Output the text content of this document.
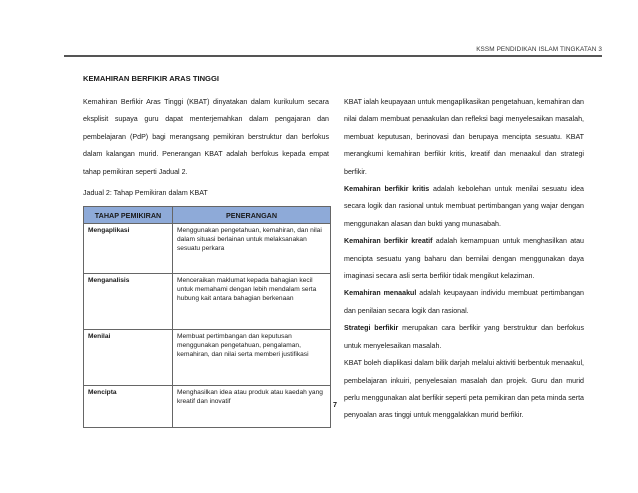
KSSM PENDIDIKAN ISLAM TINGKATAN 3
KEMAHIRAN BERFIKIR ARAS TINGGI

Kemahiran Berfikir Aras Tinggi (KBAT) dinyatakan dalam kurikulum secara eksplisit supaya guru dapat menterjemahkan dalam pengajaran dan pembelajaran (PdP) bagi merangsang pemikiran berstruktur dan berfokus dalam kalangan murid. Penerangan KBAT adalah berfokus kepada empat tahap pemikiran seperti Jadual 2.

Jadual 2: Tahap Pemikiran dalam KBAT
TAHAP PEMIKIRAN	PENERANGAN
Mengaplikasi	Menggunakan pengetahuan, kemahiran, dan nilai dalam situasi berlainan untuk melaksanakan sesuatu perkara
Menganalisis	Menceraikan maklumat kepada bahagian kecil untuk memahami dengan lebih mendalam serta hubung kait antara bahagian berkenaan
Menilai	Membuat pertimbangan dan keputusan menggunakan pengetahuan, pengalaman, kemahiran, dan nilai serta memberi justifikasi
Mencipta	Menghasilkan idea atau produk atau kaedah yang kreatif dan inovatif

KBAT ialah keupayaan untuk mengaplikasikan pengetahuan, kemahiran dan nilai dalam membuat penaakulan dan refleksi bagi menyelesaikan masalah, membuat keputusan, berinovasi dan berupaya mencipta sesuatu. KBAT merangkumi kemahiran berfikir kritis, kreatif dan menaakul dan strategi berfikir.

Kemahiran berfikir kritis adalah kebolehan untuk menilai sesuatu idea secara logik dan rasional untuk membuat pertimbangan yang wajar dengan menggunakan alasan dan bukti yang munasabah.

Kemahiran berfikir kreatif adalah kemampuan untuk menghasilkan atau mencipta sesuatu yang baharu dan bernilai dengan menggunakan daya imaginasi secara asli serta berfikir tidak mengikut kelaziman.

Kemahiran menaakul adalah keupayaan individu membuat pertimbangan dan penilaian secara logik dan rasional.

Strategi berfikir merupakan cara berfikir yang berstruktur dan berfokus untuk menyelesaikan masalah.

KBAT boleh diaplikasi dalam bilik darjah melalui aktiviti berbentuk menaakul, pembelajaran inkuiri, penyelesaian masalah dan projek. Guru dan murid perlu menggunakan alat berfikir seperti peta pemikiran dan peta minda serta penyoalan aras tinggi untuk menggalakkan murid berfikir.

7
